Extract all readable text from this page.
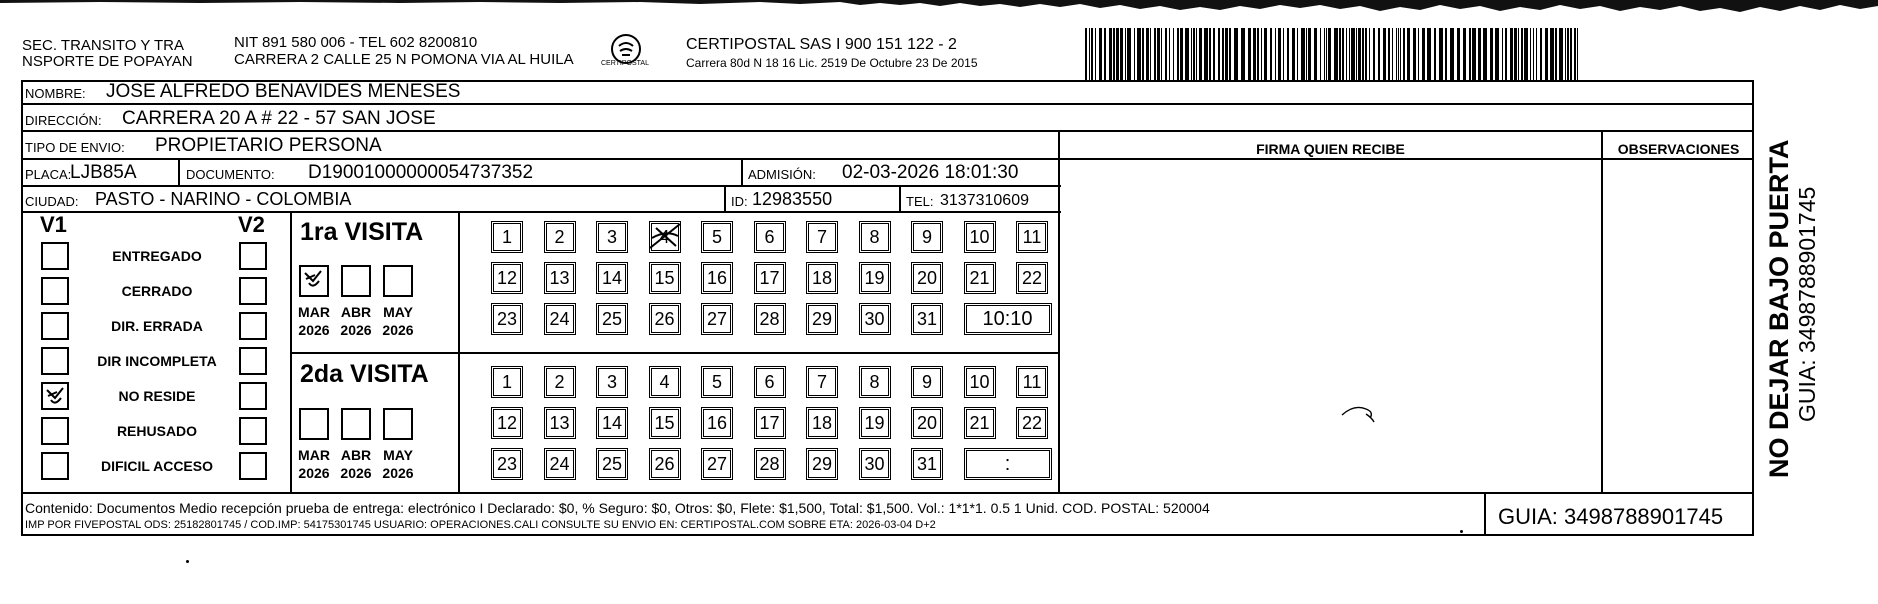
SEC. TRANSITO Y TRA
NSPORTE DE POPAYAN
NIT 891 580 006 - TEL 602 8200810
CARRERA 2 CALLE 25 N POMONA VIA AL HUILA	CERTIPOSTAL
CERTIPOSTAL SAS I 900 151 122 - 2
Carrera 80d N 18 16 Lic. 2519 De Octubre 23 De 2015
NOMBRE: JOSE ALFREDO BENAVIDES MENESES
DIRECCIÓN: CARRERA 20 A # 22 - 57 SAN JOSE
TIPO DE ENVIO: PROPIETARIO PERSONA	FIRMA QUIEN RECIBE	OBSERVACIONES
PLACA:
LJB85A	DOCUMENTO: D19001000000054737352	ADMISIÓN: 02-03-2026 18:01:30
CIUDAD: PASTO - NARINO - COLOMBIA	ID: 12983550	TEL: 3137310609
V1	V2 1ra VISITA
2da VISITA
Contenido: Documentos Medio recepción prueba de entrega: electrónico I Declarado: $0, % Seguro: $0, Otros: $0, Flete: $1,500, Total: $1,500. Vol.: 1*1*1. 0.5 1 Unid. COD. POSTAL: 520004
IMP POR FIVEPOSTAL ODS: 25182801745 / COD.IMP: 54175301745 USUARIO: OPERACIONES.CALI CONSULTE SU ENVIO EN: CERTIPOSTAL.COM SOBRE ETA: 2026-03-04 D+2	GUIA: 3498788901745
NO DEJAR BAJO PUERTA GUIA: 3498788901745
ENTREGADO
CERRADO
DIR. ERRADA
DIR INCOMPLETA
NO RESIDE
REHUSADO
DIFICIL ACCESO
MAR
2026
ABR
2026
MAY
2026
MAR
2026
ABR
2026
MAY
2026
1	2	3	4	5	6	7	8	9	10	11
12	13	14	15	16	17	18	19	20	21	22
23	24	25	26	27	28	29	30	31	10:10
1	2	3	4	5	6	7	8	9	10	11
12	13	14	15	16	17	18	19	20	21	22
23	24	25	26	27	28	29	30	31	:
